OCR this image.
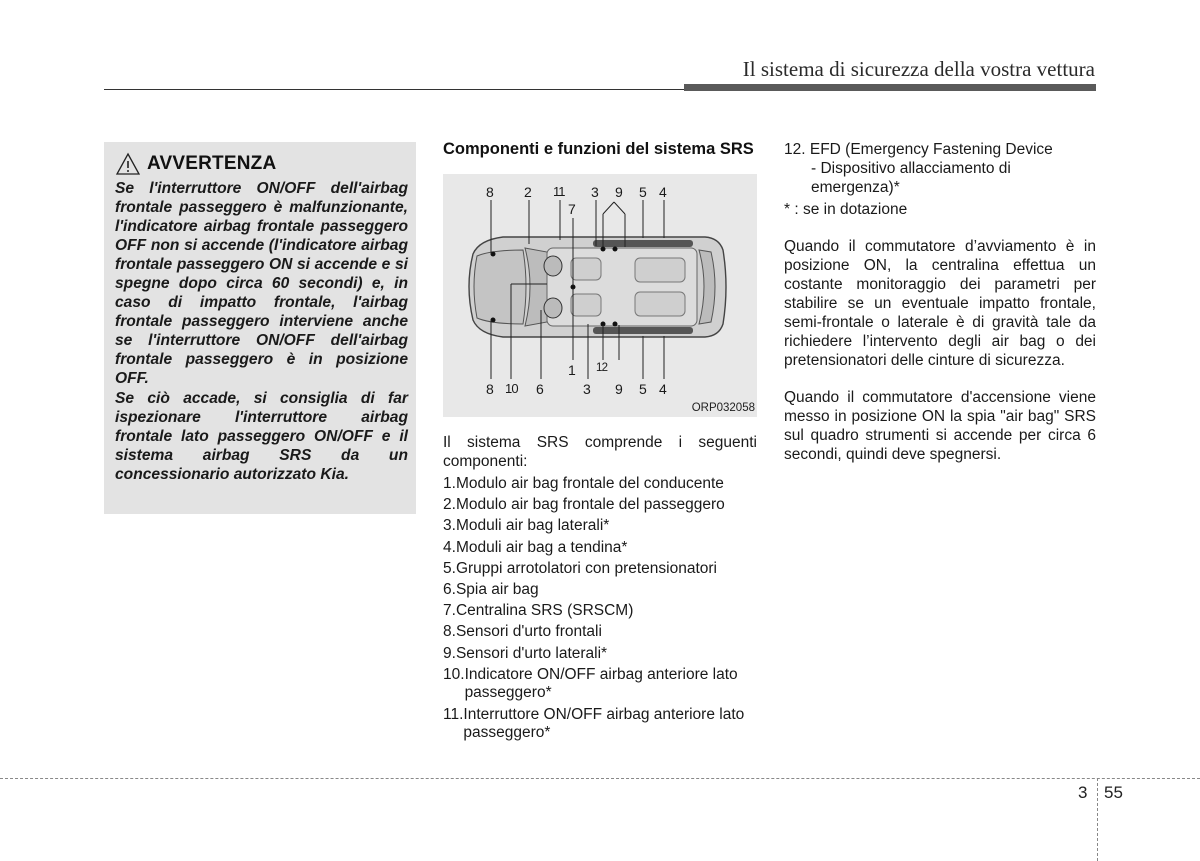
Il sistema di sicurezza della vostra vettura
AVVERTENZA

Se l'interruttore ON/OFF dell'airbag frontale passeggero è malfunzionante, l'indicatore airbag frontale passeggero OFF non si accende (l'indicatore airbag frontale passeggero ON si accende e si spegne dopo circa 60 secondi) e, in caso di impatto frontale, l'airbag frontale passeggero interviene anche se l'interruttore ON/OFF dell'airbag frontale passeggero è in posizione OFF.

Se ciò accade, si consiglia di far ispezionare l'interruttore airbag frontale lato passeggero ON/OFF e il sistema airbag SRS da un concessionario autorizzato Kia.

Componenti e funzioni del sistema SRS
8 2 11 3 9 5 4
7
1 12
8 10 6	3 9 5 4
ORP032058

Il sistema SRS comprende i seguenti componenti:

1. Modulo air bag frontale del conducente
2. Modulo air bag frontale del passeggero
3. Moduli air bag laterali*
4. Moduli air bag a tendina*
5. Gruppi arrotolatori con pretensionatori
6. Spia air bag
7. Centralina SRS (SRSCM)
8. Sensori d'urto frontali
9. Sensori d'urto laterali*
10. Indicatore ON/OFF airbag anteriore lato passeggero*
11. Interruttore ON/OFF airbag anteriore lato passeggero*

12. EFD (Emergency Fastening Device

- Dispositivo allacciamento di emergenza)*

* : se in dotazione

Quando il commutatore d’avviamento è in posizione ON, la centralina effettua un costante monitoraggio dei parametri per stabilire se un eventuale impatto frontale, semi-frontale o laterale è di gravità tale da richiedere l’intervento degli air bag o dei pretensionatori delle cinture di sicurezza.

Quando il commutatore d'accensione viene messo in posizione ON la spia "air bag" SRS sul quadro strumenti si accende per circa 6 secondi, quindi deve spegnersi.

3 55
